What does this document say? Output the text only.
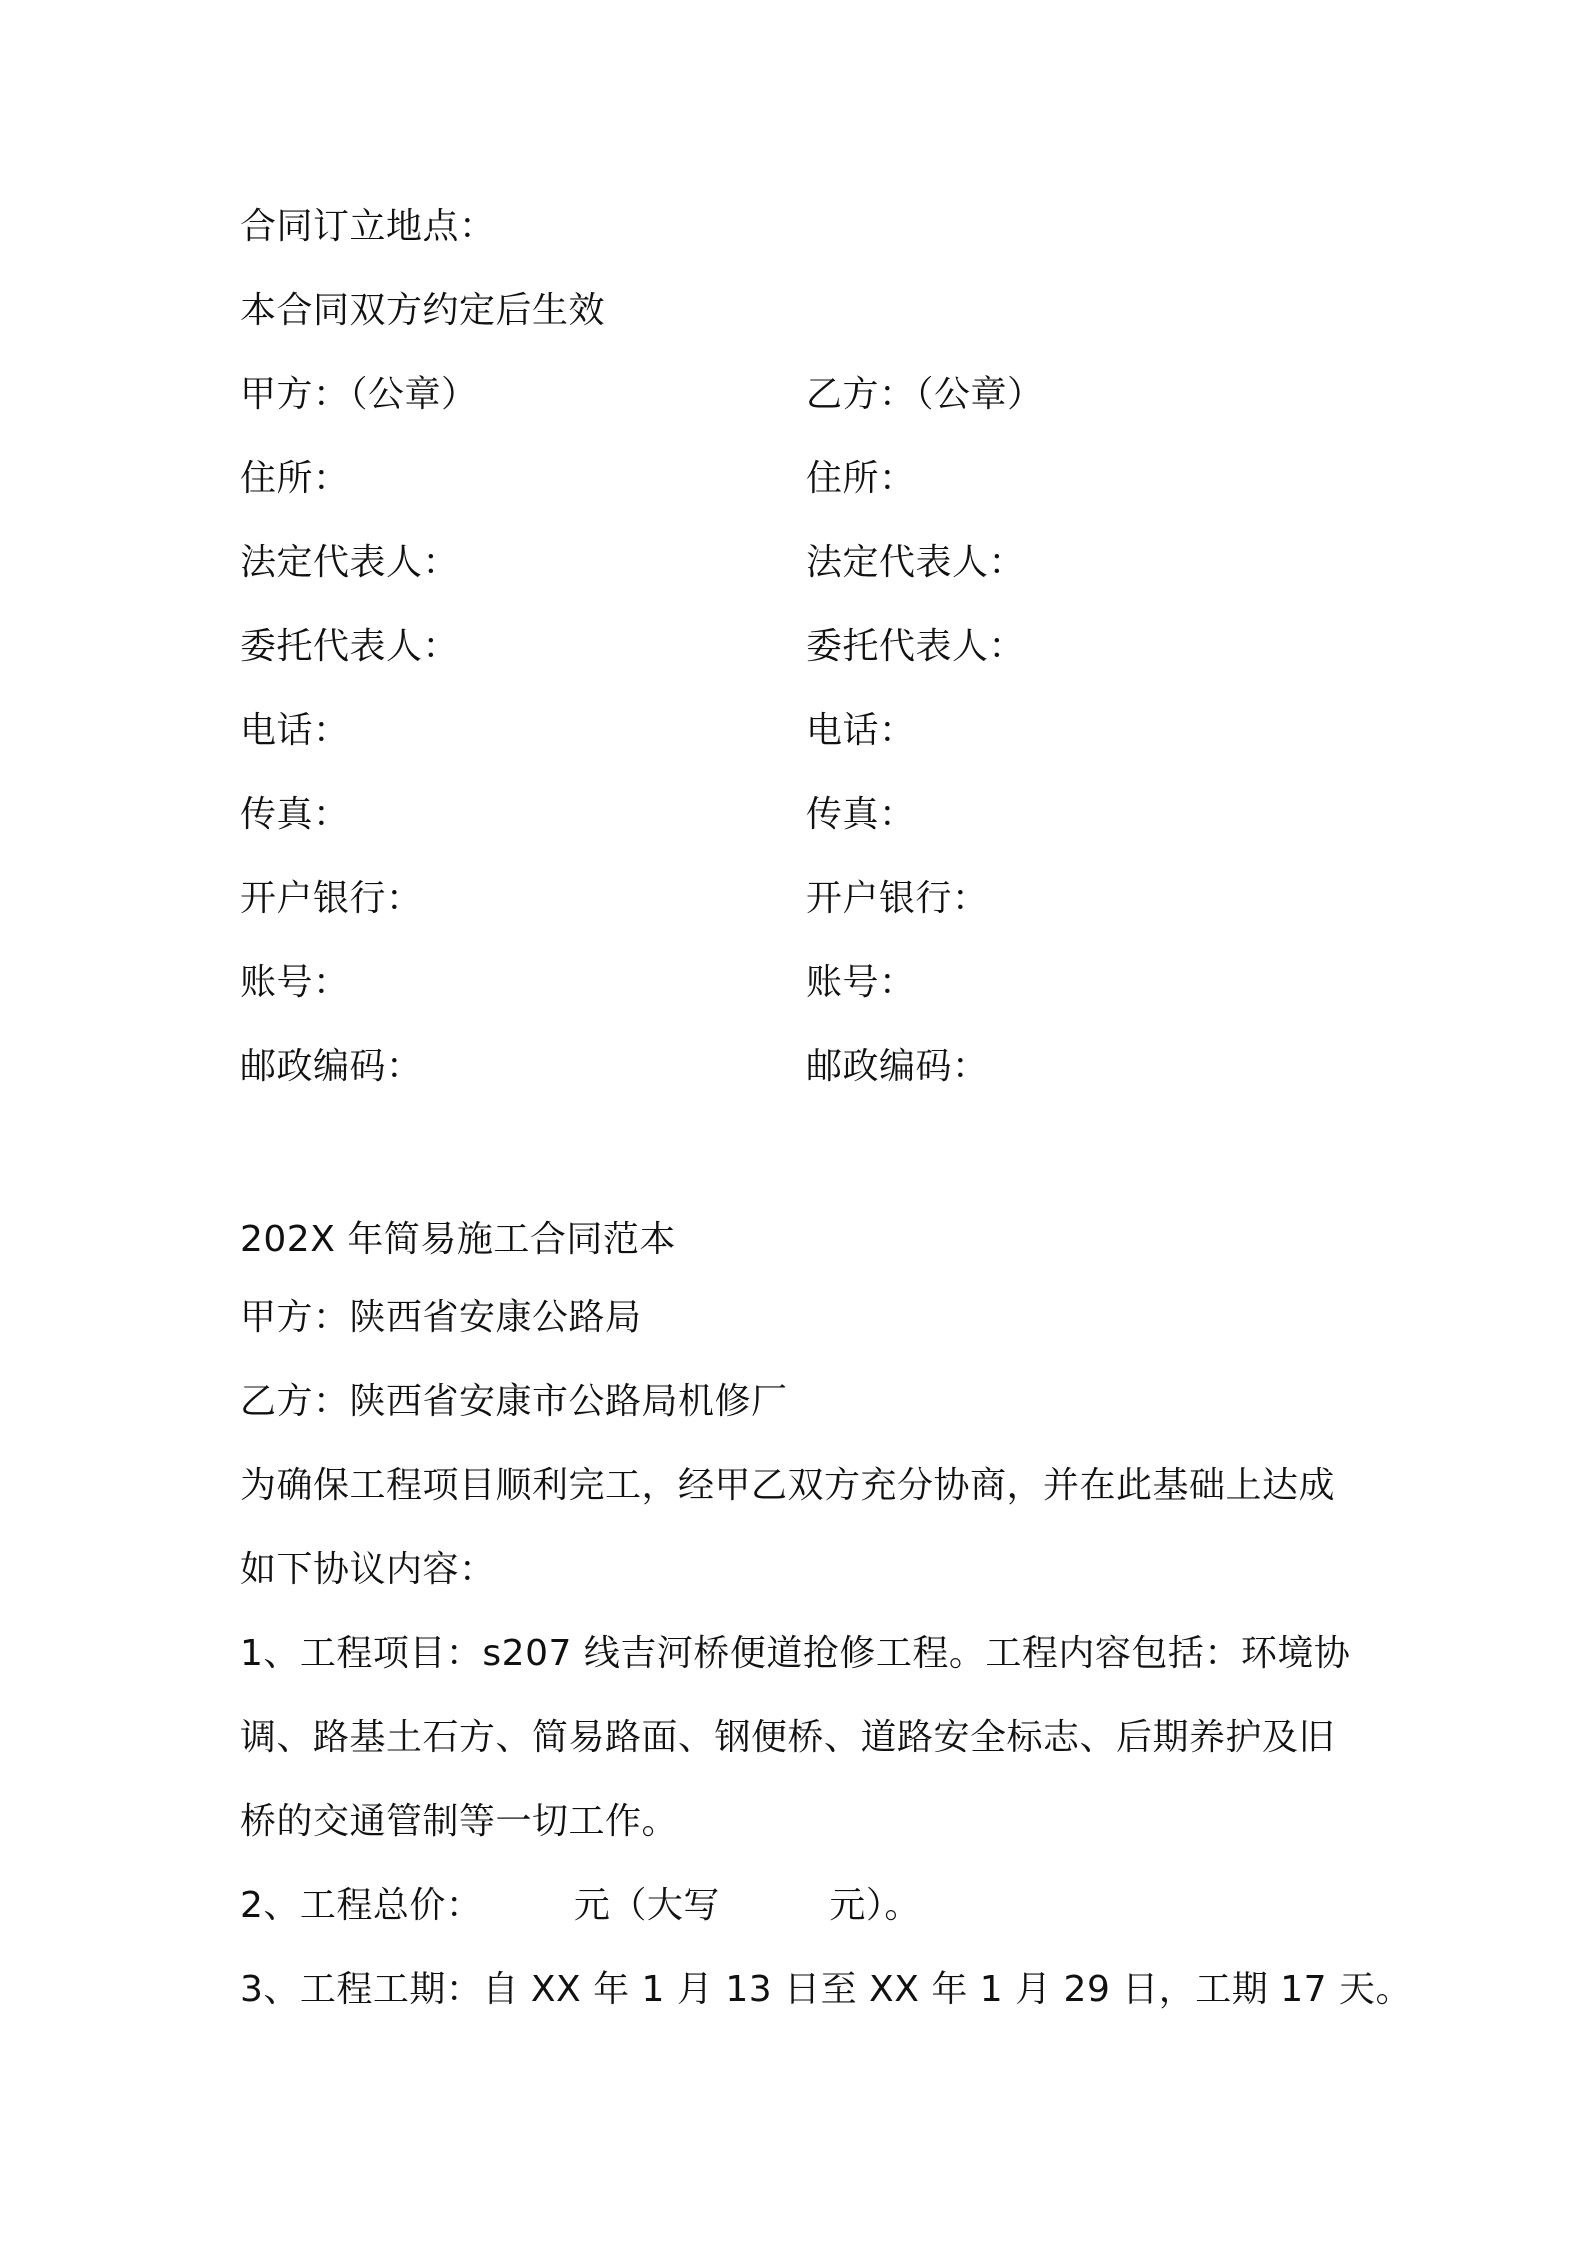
合同订立地点：
本合同双方约定后生效
甲方：（公章）	乙方：（公章）
住所：	住所：
法定代表人：	法定代表人：
委托代表人：	委托代表人：
电话：	电话：
传真：	传真：
开户银行：	开户银行：
账号：	账号：
邮政编码：	邮政编码：
202X 年简易施工合同范本
甲方：陕西省安康公路局
乙方：陕西省安康市公路局机修厂
为确保工程项目顺利完工，经甲乙双方充分协商，并在此基础上达成
如下协议内容：
1、工程项目：s207 线吉河桥便道抢修工程。工程内容包括：环境协
调、路基土石方、简易路面、钢便桥、道路安全标志、后期养护及旧
桥的交通管制等一切工作。
2、工程总价：　　　元（大写　　　元）。
3、工程工期：自 XX 年 1 月 13 日至 XX 年 1 月 29 日，工期 17 天。
